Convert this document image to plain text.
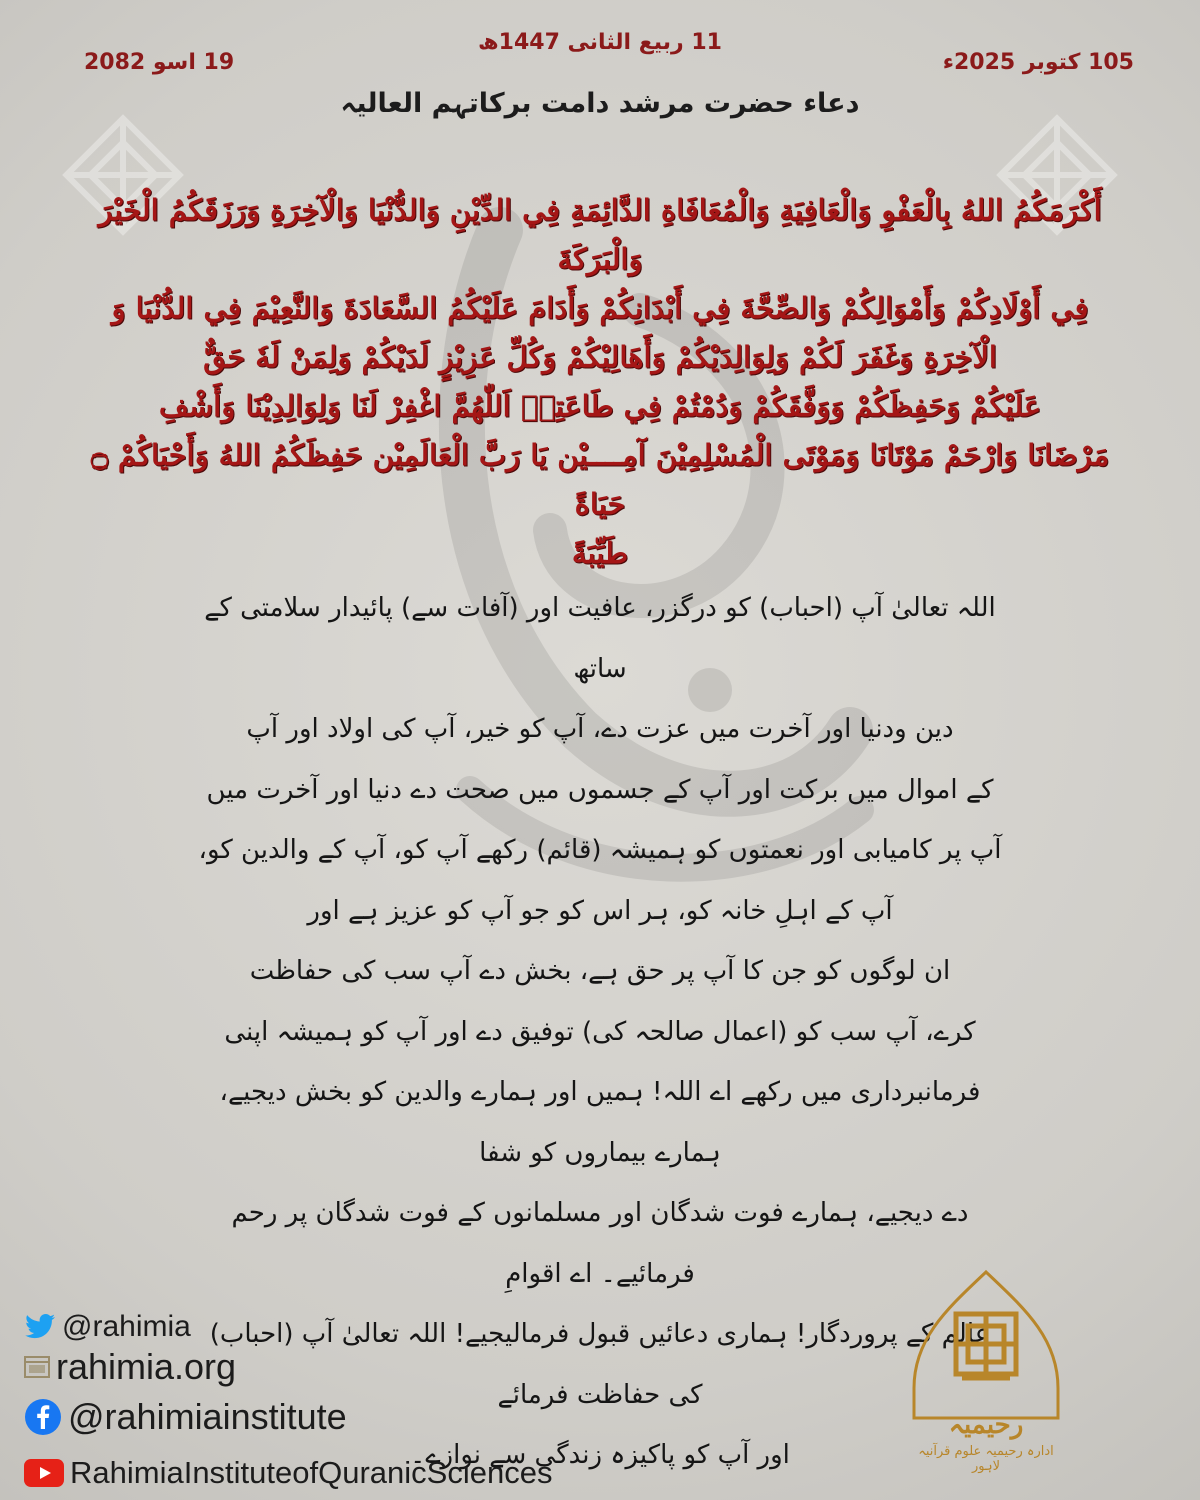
11 ربیع الثانی 1447ھ
105 کتوبر 2025ء
19 اسو 2082
دعاء حضرت مرشد دامت برکاتہم العالیہ
أَكْرَمَكُمُ اللهُ بِالْعَفْوِ وَالْعَافِيَةِ وَالْمُعَافَاةِ الدَّائِمَةِ فِي الدِّيْنِ وَالدُّنْيَا وَالْآخِرَةِ وَرَزَقَكُمُ الْخَيْرَ وَالْبَرَكَةَ
فِي أَوْلَادِكُمْ وَأَمْوَالِكُمْ وَالصِّحَّةَ فِي أَبْدَانِكُمْ وَأَدَامَ عَلَيْكُمُ السَّعَادَةَ وَالنَّعِيْمَ فِي الدُّنْيَا وَ
الْآخِرَةِ وَغَفَرَ لَكُمْ وَلِوَالِدَيْكُمْ وَأَهَالِيْكُمْ وَكُلِّ عَزِيْزٍ لَدَيْكُمْ وَلِمَنْ لَهٗ حَقٌّ
عَلَيْكُمْ وَحَفِظَكُمْ وَوَفَّقَكُمْ وَدُمْتُمْ فِي طَاعَتِهٖ اَللّٰهُمَّ اغْفِرْ لَنَا وَلِوَالِدِيْنَا وَأَشْفِ
مَرْضَانَا وَارْحَمْ مَوْتَانَا وَمَوْتَى الْمُسْلِمِيْنَ آمِــــيْن يَا رَبَّ الْعَالَمِيْن حَفِظَكُمُ اللهُ وَأَحْيَاكُمْ ۝ حَيَاةً
طَيِّبَةً
اللہ تعالیٰ آپ (احباب) کو درگزر، عافیت اور (آفات سے) پائیدار سلامتی کے ساتھ
دین ودنیا اور آخرت میں عزت دے، آپ کو خیر، آپ کی اولاد اور آپ
کے اموال میں برکت اور آپ کے جسموں میں صحت دے دنیا اور آخرت میں
آپ پر کامیابی اور نعمتوں کو ہمیشہ (قائم) رکھے آپ کو، آپ کے والدین کو،
آپ کے اہلِ خانہ کو، ہر اس کو جو آپ کو عزیز ہے اور
ان لوگوں کو جن کا آپ پر حق ہے، بخش دے آپ سب کی حفاظت
کرے، آپ سب کو (اعمال صالحہ کی) توفیق دے اور آپ کو ہمیشہ اپنی
فرمانبرداری میں رکھے اے اللہ! ہمیں اور ہمارے والدین کو بخش دیجیے، ہمارے بیماروں کو شفا
دے دیجیے، ہمارے فوت شدگان اور مسلمانوں کے فوت شدگان پر رحم فرمائیے۔ اے اقوامِ
عالم کے پروردگار! ہماری دعائیں قبول فرمالیجیے! اللہ تعالیٰ آپ (احباب) کی حفاظت فرمائے
اور آپ کو پاکیزہ زندگی سے نوازے۔
@rahimia
rahimia.org
@rahimiainstitute
RahimiaInstituteofQuranicSciences
رحیمیہ
ادارہ رحیمیہ علوم قرآنیہ لاہور
